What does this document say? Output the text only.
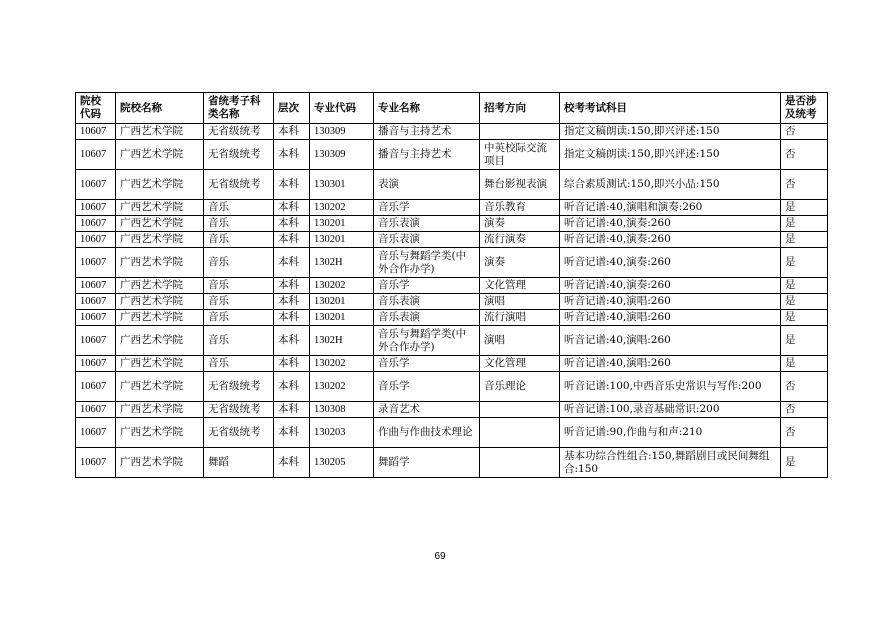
院校代码	院校名称	省统考子科类名称	层次	专业代码	专业名称	招考方向	校考考试科目	是否涉及统考
10607	广西艺术学院	无省级统考	本科	130309	播音与主持艺术		指定文稿朗读:150,即兴评述:150	否
10607	广西艺术学院	无省级统考	本科	130309	播音与主持艺术	中英校际交流项目	指定文稿朗读:150,即兴评述:150	否
10607	广西艺术学院	无省级统考	本科	130301	表演	舞台影视表演	综合素质测试:150,即兴小品:150	否
10607	广西艺术学院	音乐	本科	130202	音乐学	音乐教育	听音记谱:40,演唱和演奏:260	是
10607	广西艺术学院	音乐	本科	130201	音乐表演	演奏	听音记谱:40,演奏:260	是
10607	广西艺术学院	音乐	本科	130201	音乐表演	流行演奏	听音记谱:40,演奏:260	是
10607	广西艺术学院	音乐	本科	1302H	音乐与舞蹈学类(中外合作办学)	演奏	听音记谱:40,演奏:260	是
10607	广西艺术学院	音乐	本科	130202	音乐学	文化管理	听音记谱:40,演奏:260	是
10607	广西艺术学院	音乐	本科	130201	音乐表演	演唱	听音记谱:40,演唱:260	是
10607	广西艺术学院	音乐	本科	130201	音乐表演	流行演唱	听音记谱:40,演唱:260	是
10607	广西艺术学院	音乐	本科	1302H	音乐与舞蹈学类(中外合作办学)	演唱	听音记谱:40,演唱:260	是
10607	广西艺术学院	音乐	本科	130202	音乐学	文化管理	听音记谱:40,演唱:260	是
10607	广西艺术学院	无省级统考	本科	130202	音乐学	音乐理论	听音记谱:100,中西音乐史常识与写作:200	否
10607	广西艺术学院	无省级统考	本科	130308	录音艺术		听音记谱:100,录音基础常识:200	否
10607	广西艺术学院	无省级统考	本科	130203	作曲与作曲技术理论		听音记谱:90,作曲与和声:210	否
10607	广西艺术学院	舞蹈	本科	130205	舞蹈学		基本功综合性组合:150,舞蹈剧目或民间舞组合:150	是
69
